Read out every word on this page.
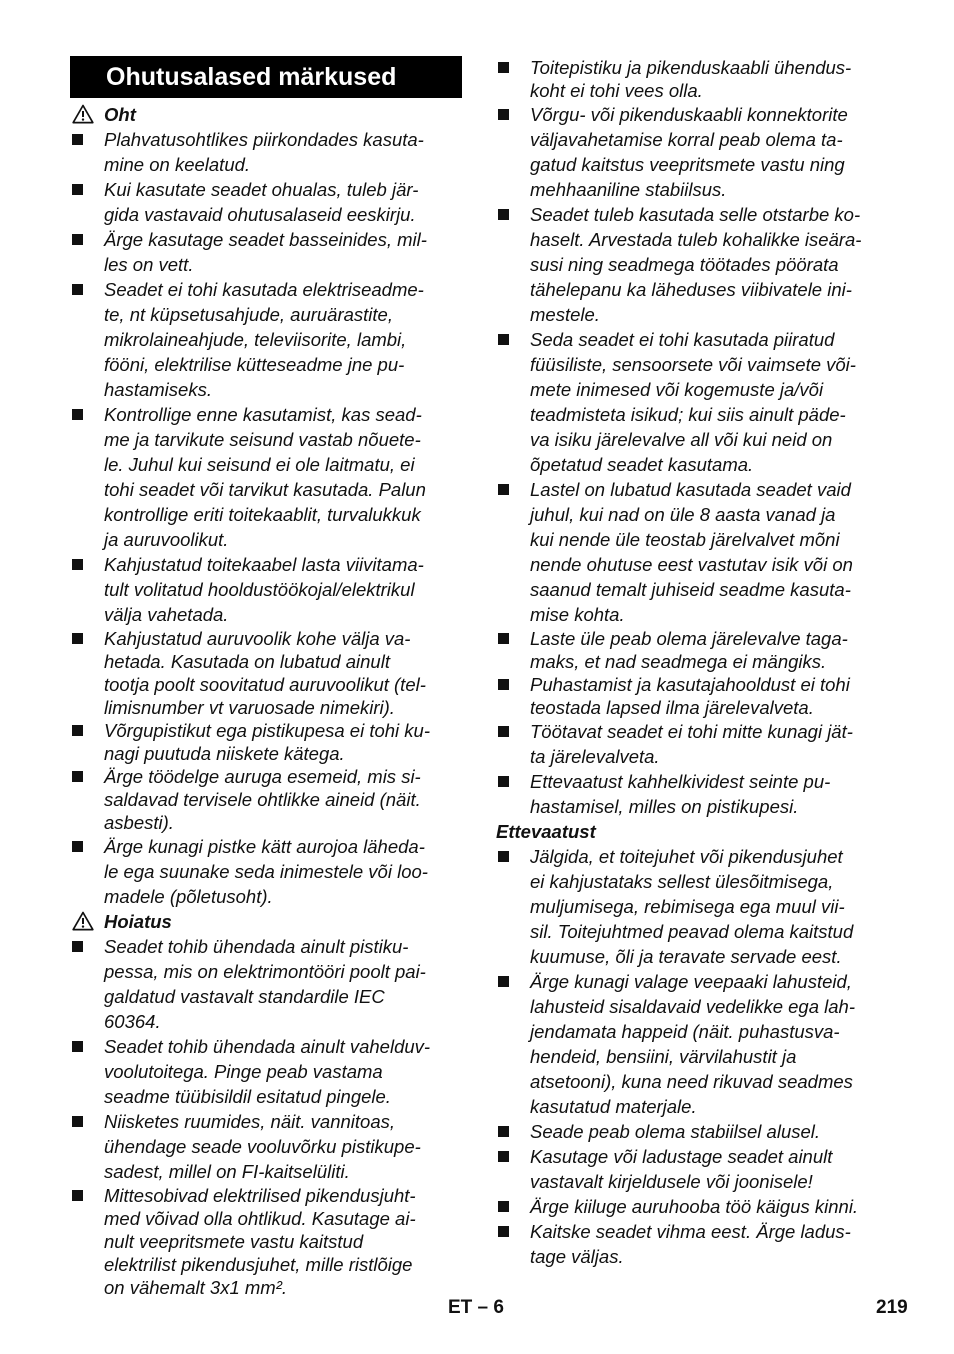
Ohutusalased märkused
Oht
Plahvatusohtlikes piirkondades kasuta-
mine on keelatud.
Kui kasutate seadet ohualas, tuleb jär-
gida vastavaid ohutusalaseid eeskirju.
Ärge kasutage seadet basseinides, mil-
les on vett.
Seadet ei tohi kasutada elektriseadme-
te, nt küpsetusahjude, auruärastite,
mikrolaineahjude, televiisorite, lambi,
fööni, elektrilise kütteseadme jne pu-
hastamiseks.
Kontrollige enne kasutamist, kas sead-
me ja tarvikute seisund vastab nõuete-
le. Juhul kui seisund ei ole laitmatu, ei
tohi seadet või tarvikut kasutada. Palun
kontrollige eriti toitekaablit, turvalukkuk
ja auruvoolikut.
Kahjustatud toitekaabel lasta viivitama-
tult volitatud hooldustöökojal/elektrikul
välja vahetada.
Kahjustatud auruvoolik kohe välja va-
hetada. Kasutada on lubatud ainult
tootja poolt soovitatud auruvoolikut (tel-
limisnumber vt varuosade nimekiri).
Võrgupistikut ega pistikupesa ei tohi ku-
nagi puutuda niiskete kätega.
Ärge töödelge auruga esemeid, mis si-
saldavad tervisele ohtlikke aineid (näit.
asbesti).
Ärge kunagi pistke kätt aurojoa läheda-
le ega suunake seda inimestele või loo-
madele (põletusoht).
Hoiatus
Seadet tohib ühendada ainult pistiku-
pessa, mis on elektrimontööri poolt pai-
galdatud vastavalt standardile IEC
60364.
Seadet tohib ühendada ainult vahelduv-
voolutoitega. Pinge peab vastama
seadme tüübisildil esitatud pingele.
Niisketes ruumides, näit. vannitoas,
ühendage seade vooluvõrku pistikupe-
sadest, millel on FI-kaitselüliti.
Mittesobivad elektrilised pikendusjuht-
med võivad olla ohtlikud. Kasutage ai-
nult veepritsmete vastu kaitstud
elektrilist pikendusjuhet, mille ristlõige
on vähemalt 3x1 mm².
Toitepistiku ja pikenduskaabli ühendus-
koht ei tohi vees olla.
Võrgu- või pikenduskaabli konnektorite
väljavahetamise korral peab olema ta-
gatud kaitstus veepritsmete vastu ning
mehhaaniline stabiilsus.
Seadet tuleb kasutada selle otstarbe ko-
haselt. Arvestada tuleb kohalikke iseära-
susi ning seadmega töötades pöörata
tähelepanu ka läheduses viibivatele ini-
mestele.
Seda seadet ei tohi kasutada piiratud
füüsiliste, sensoorsete või vaimsete või-
mete inimesed või kogemuste ja/või
teadmisteta isikud; kui siis ainult päde-
va isiku järelevalve all või kui neid on
õpetatud seadet kasutama.
Lastel on lubatud kasutada seadet vaid
juhul, kui nad on üle 8 aasta vanad ja
kui nende üle teostab järelvalvet mõni
nende ohutuse eest vastutav isik või on
saanud temalt juhiseid seadme kasuta-
mise kohta.
Laste üle peab olema järelevalve taga-
maks, et nad seadmega ei mängiks.
Puhastamist ja kasutajahooldust ei tohi
teostada lapsed ilma järelevalveta.
Töötavat seadet ei tohi mitte kunagi jät-
ta järelevalveta.
Ettevaatust kahhelkividest seinte pu-
hastamisel, milles on pistikupesi.
Ettevaatust
Jälgida, et toitejuhet või pikendusjuhet
ei kahjustataks sellest ülesõitmisega,
muljumisega, rebimisega ega muul vii-
sil. Toitejuhtmed peavad olema kaitstud
kuumuse, õli ja teravate servade eest.
Ärge kunagi valage veepaaki lahusteid,
lahusteid sisaldavaid vedelikke ega lah-
jendamata happeid (näit. puhastusva-
hendeid, bensiini, värvilahustit ja
atsetooni), kuna need rikuvad seadmes
kasutatud materjale.
Seade peab olema stabiilsel alusel.
Kasutage või ladustage seadet ainult
vastavalt kirjeldusele või joonisele!
Ärge kiiluge auruhooba töö käigus kinni.
Kaitske seadet vihma eest. Ärge ladus-
tage väljas.
ET – 6	219
